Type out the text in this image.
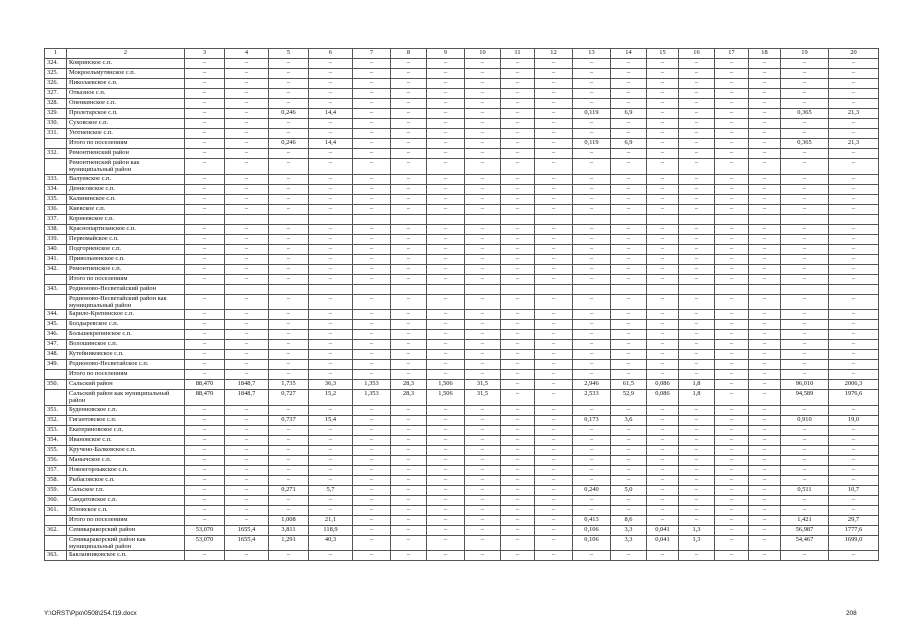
1	2	3	4	5	6	7	8	9	10	11	12	13	14	15	16	17	18	19	20
324.	Ковринское с.п.	–	–	–	–	–	–	–	–	–	–	–	–	–	–	–	–	–	–
325.	Мокроельмутянское с.п.	–	–	–	–	–	–	–	–	–	–	–	–	–	–	–	–	–	–
326.	Николаевское с.п.	–	–	–	–	–	–	–	–	–	–	–	–	–	–	–	–	–	–
327.	Отказное с.п.	–	–	–	–	–	–	–	–	–	–	–	–	–	–	–	–	–	–
328.	Опенкинское с.п.	–	–	–	–	–	–	–	–	–	–	–	–	–	–	–	–	–	–
329.	Пролетарское с.п.	–	–	0,246	14,4	–	–	–	–	–	–	0,119	6,9	–	–	–	–	0,365	21,3
330.	Суховское с.п.	–	–	–	–	–	–	–	–	–	–	–	–	–	–	–	–	–	–
331.	Уютненское с.п.	–	–	–	–	–	–	–	–	–	–	–	–	–	–	–	–	–	–
	Итого по поселениям	–	–	0,246	14,4	–	–	–	–	–	–	0,119	6,9	–	–	–	–	0,365	21,3
332.	Ремонтненский район	–	–	–	–	–	–	–	–	–	–	–	–	–	–	–	–	–	–
	Ремонтненский район как муниципальный район	–	–	–	–	–	–	–	–	–	–	–	–	–	–	–	–	–	–
333.	Валуевское с.п.	–	–	–	–	–	–	–	–	–	–	–	–	–	–	–	–	–	–
334.	Денисовское с.п.	–	–	–	–	–	–	–	–	–	–	–	–	–	–	–	–	–	–
335.	Калининское с.п.	–	–	–	–	–	–	–	–	–	–	–	–	–	–	–	–	–	–
336.	Киевское с.п.	–	–	–	–	–	–	–	–	–	–	–	–	–	–	–	–	–	–
337.	Корнеевское с.п.																		
338.	Краснопартизанское с.п.	–	–	–	–	–	–	–	–	–	–	–	–	–	–	–	–	–	–
339.	Первомайское с.п.	–	–	–	–	–	–	–	–	–	–	–	–	–	–	–	–	–	–
340.	Подгорненское с.п.	–	–	–	–	–	–	–	–	–	–	–	–	–	–	–	–	–	–
341.	Привольненское с.п.	–	–	–	–	–	–	–	–	–	–	–	–	–	–	–	–	–	–
342.	Ремонтненское с.п.	–	–	–	–	–	–	–	–	–	–	–	–	–	–	–	–	–	–
	Итого по поселениям	–	–	–	–	–	–	–	–	–	–	–	–	–	–	–	–	–	–
343.	Родионово-Несветайский район																		
	Родионово-Несветайский район как муниципальный район	–	–	–	–	–	–	–	–	–	–	–	–	–	–	–	–	–	–
344.	Барило-Крепинское с.п.	–	–	–	–	–	–	–	–	–	–	–	–	–	–	–	–	–	–
345.	Болдыревское с.п.	–	–	–	–	–	–	–	–	–	–	–	–	–	–	–	–	–	–
346.	Большекрепинское с.п.	–	–	–	–	–	–	–	–	–	–	–	–	–	–	–	–	–	–
347.	Волошинское с.п.	–	–	–	–	–	–	–	–	–	–	–	–	–	–	–	–	–	–
348.	Кутейниковское с.п.	–	–	–	–	–	–	–	–	–	–	–	–	–	–	–	–	–	–
349.	Родионово-Несветайское с.п.	–	–	–	–	–	–	–	–	–	–	–	–	–	–	–	–	–	–
	Итого по поселениям	–	–	–	–	–	–	–	–	–	–	–	–	–	–	–	–	–	–
350.	Сальский район	88,470	1848,7	1,735	36,3	1,353	28,3	1,506	31,5	–	–	2,946	61,5	0,086	1,8	–	–	96,010	2006,3
	Сальский район как муниципальный район	88,470	1848,7	0,727	15,2	1,353	28,3	1,506	31,5	–	–	2,533	52,9	0,086	1,8	–	–	94,589	1976,6
351.	Буденновское с.п.	–	–	–	–	–	–	–	–	–	–	–	–	–	–	–	–	–	–
352.	Гигантовское с.п.	–	–	0,737	15,4	–	–	–	–	–	–	0,173	3,6	–	–	–	–	0,910	19,0
353.	Екатериновское с.п.	–	–	–	–	–	–	–	–	–	–	–	–	–	–	–	–	–	–
354.	Ивановское с.п.	–	–	–	–	–	–	–	–	–	–	–	–	–	–	–	–	–	–
355.	Кручено-Балковское с.п.	–	–	–	–	–	–	–	–	–	–	–	–	–	–	–	–	–	–
356.	Манычское с.п.	–	–	–	–	–	–	–	–	–	–	–	–	–	–	–	–	–	–
357.	Новоегорлыкское с.п.	–	–	–	–	–	–	–	–	–	–	–	–	–	–	–	–	–	–
358.	Рыбасовское с.п.	–	–	–	–	–	–	–	–	–	–	–	–	–	–	–	–	–	–
359.	Сальское г.п.	–	–	0,271	5,7	–	–	–	–	–	–	0,240	5,0	–	–	–	–	0,511	10,7
360.	Сандатовское с.п.	–	–	–	–	–	–	–	–	–	–	–	–	–	–	–	–	–	–
361.	Юловское с.п.	–	–	–	–	–	–	–	–	–	–	–	–	–	–	–	–	–	–
	Итого по поселениям	–	–	1,008	21,1	–	–	–	–	–	–	0,413	8,6	–	–	–	–	1,421	29,7
362.	Семикаракорский район	53,070	1655,4	3,811	118,9	–	–	–	–	–	–	0,106	3,3	0,041	1,3	–	–	56,987	1777,6
	Семикаракорский район как муниципальный район	53,070	1655,4	1,291	40,3	–	–	–	–	–	–	0,106	3,3	0,041	1,3	–	–	54,467	1699,0
363.	Бакланниковское с.п.	–	–	–	–	–	–	–	–	–	–	–	–	–	–	–	–	–	–
Y:\ORST\Ppo\0508\254.f19.docx	208
